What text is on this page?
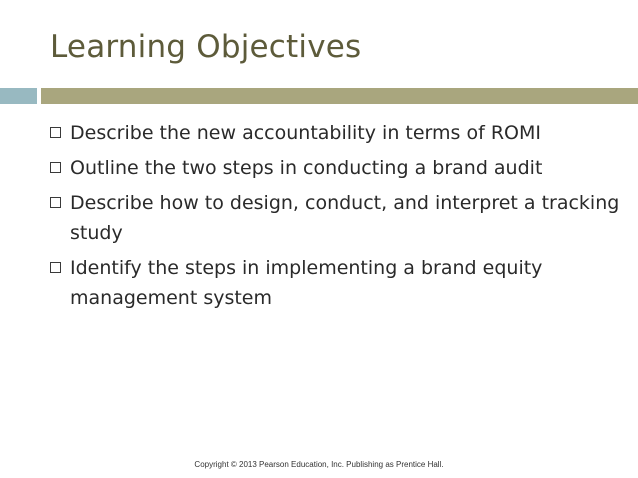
Learning Objectives
Describe the new accountability in terms of ROMI
Outline the two steps in conducting a brand audit
Describe how to design, conduct, and interpret a tracking study
Identify the steps in implementing a brand equity management system
Copyright © 2013 Pearson Education, Inc. Publishing as Prentice Hall.
